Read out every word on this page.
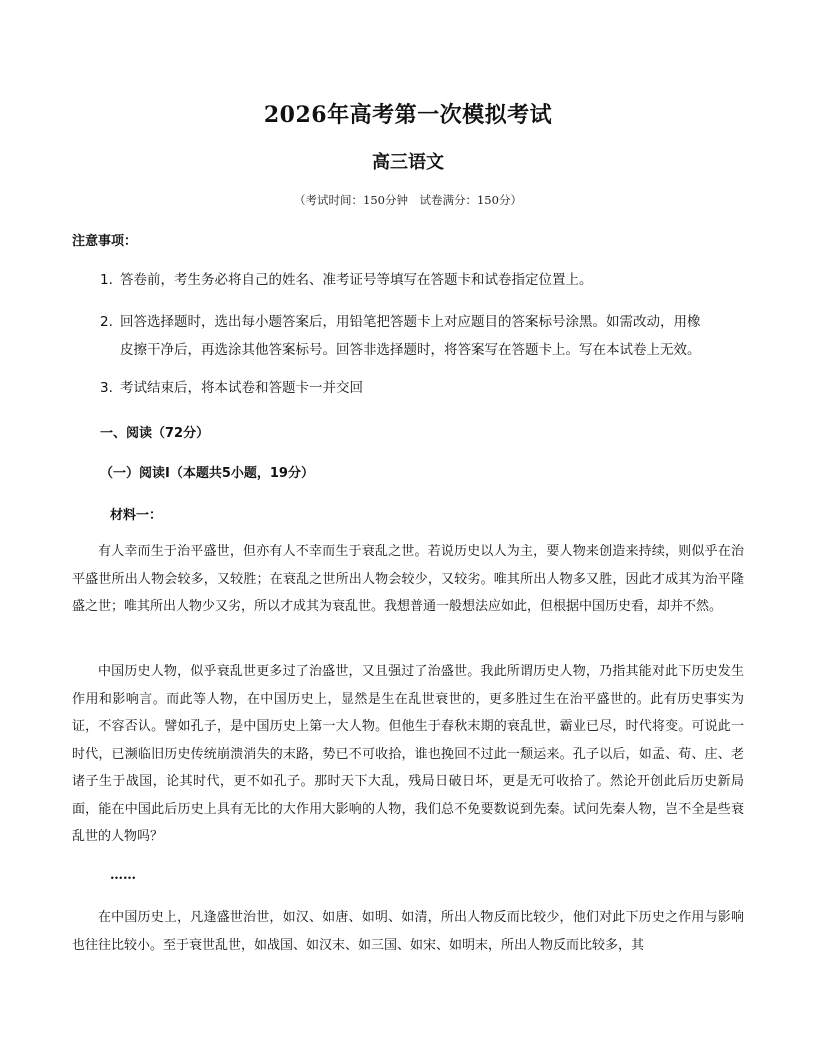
2026年高考第一次模拟考试
高三语文
（考试时间：150分钟　试卷满分：150分）
注意事项：
1. 答卷前，考生务必将自己的姓名、准考证号等填写在答题卡和试卷指定位置上。
2. 回答选择题时，选出每小题答案后，用铅笔把答题卡上对应题目的答案标号涂黑。如需改动，用橡
皮擦干净后，再选涂其他答案标号。回答非选择题时，将答案写在答题卡上。写在本试卷上无效。
3. 考试结束后，将本试卷和答题卡一并交回
一、阅读（72分）
（一）阅读Ⅰ（本题共5小题，19分）
材料一：
有人幸而生于治平盛世，但亦有人不幸而生于衰乱之世。若说历史以人为主，要人物来创造来持续，则似乎在治平盛世所出人物会较多，又较胜；在衰乱之世所出人物会较少，又较劣。唯其所出人物多又胜，因此才成其为治平隆盛之世；唯其所出人物少又劣，所以才成其为衰乱世。我想普通一般想法应如此，但根据中国历史看，却并不然。
中国历史人物，似乎衰乱世更多过了治盛世，又且强过了治盛世。我此所谓历史人物，乃指其能对此下历史发生作用和影响言。而此等人物，在中国历史上，显然是生在乱世衰世的，更多胜过生在治平盛世的。此有历史事实为证，不容否认。譬如孔子，是中国历史上第一大人物。但他生于春秋末期的衰乱世，霸业已尽，时代将变。可说此一时代，已濒临旧历史传统崩溃消失的末路，势已不可收拾，谁也挽回不过此一颓运来。孔子以后，如孟、荀、庄、老诸子生于战国，论其时代，更不如孔子。那时天下大乱，残局日破日坏，更是无可收拾了。然论开创此后历史新局面，能在中国此后历史上具有无比的大作用大影响的人物，我们总不免要数说到先秦。试问先秦人物，岂不全是些衰乱世的人物吗？
……
在中国历史上，凡逢盛世治世，如汉、如唐、如明、如清，所出人物反而比较少，他们对此下历史之作用与影响也往往比较小。至于衰世乱世，如战国、如汉末、如三国、如宋、如明末，所出人物反而比较多，其
